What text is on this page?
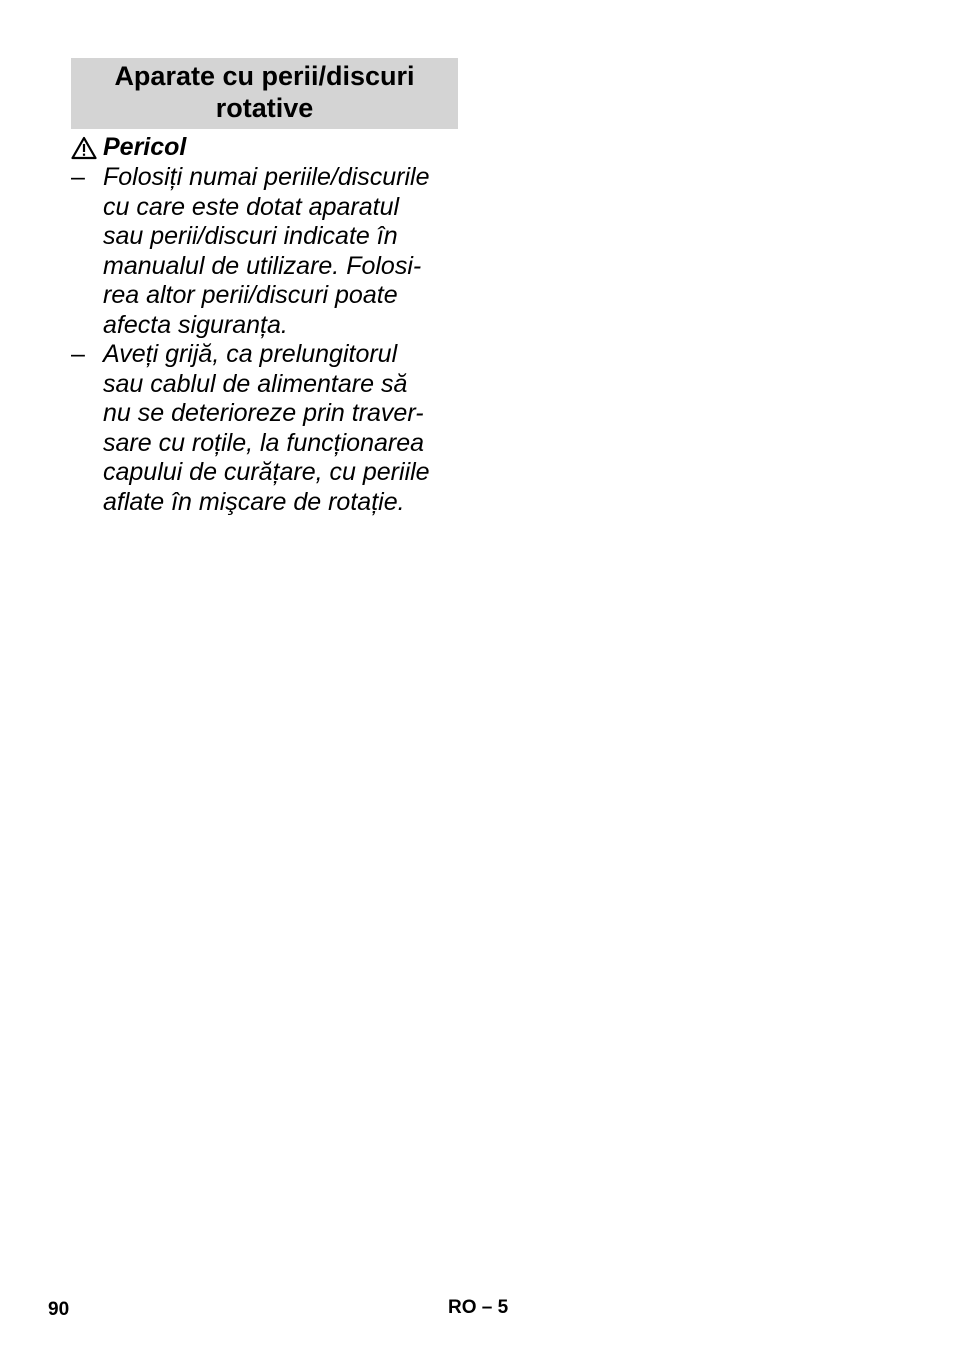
Aparate cu perii/discuri rotative
Pericol
– Folosiți numai periile/discurile
cu care este dotat aparatul
sau perii/discuri indicate în
manualul de utilizare. Folosi-
rea altor perii/discuri poate
afecta siguranța.
– Aveți grijă, ca prelungitorul
sau cablul de alimentare să
nu se deterioreze prin traver-
sare cu roțile, la funcționarea
capului de curățare, cu periile
aflate în mişcare de rotație.
90	RO – 5
